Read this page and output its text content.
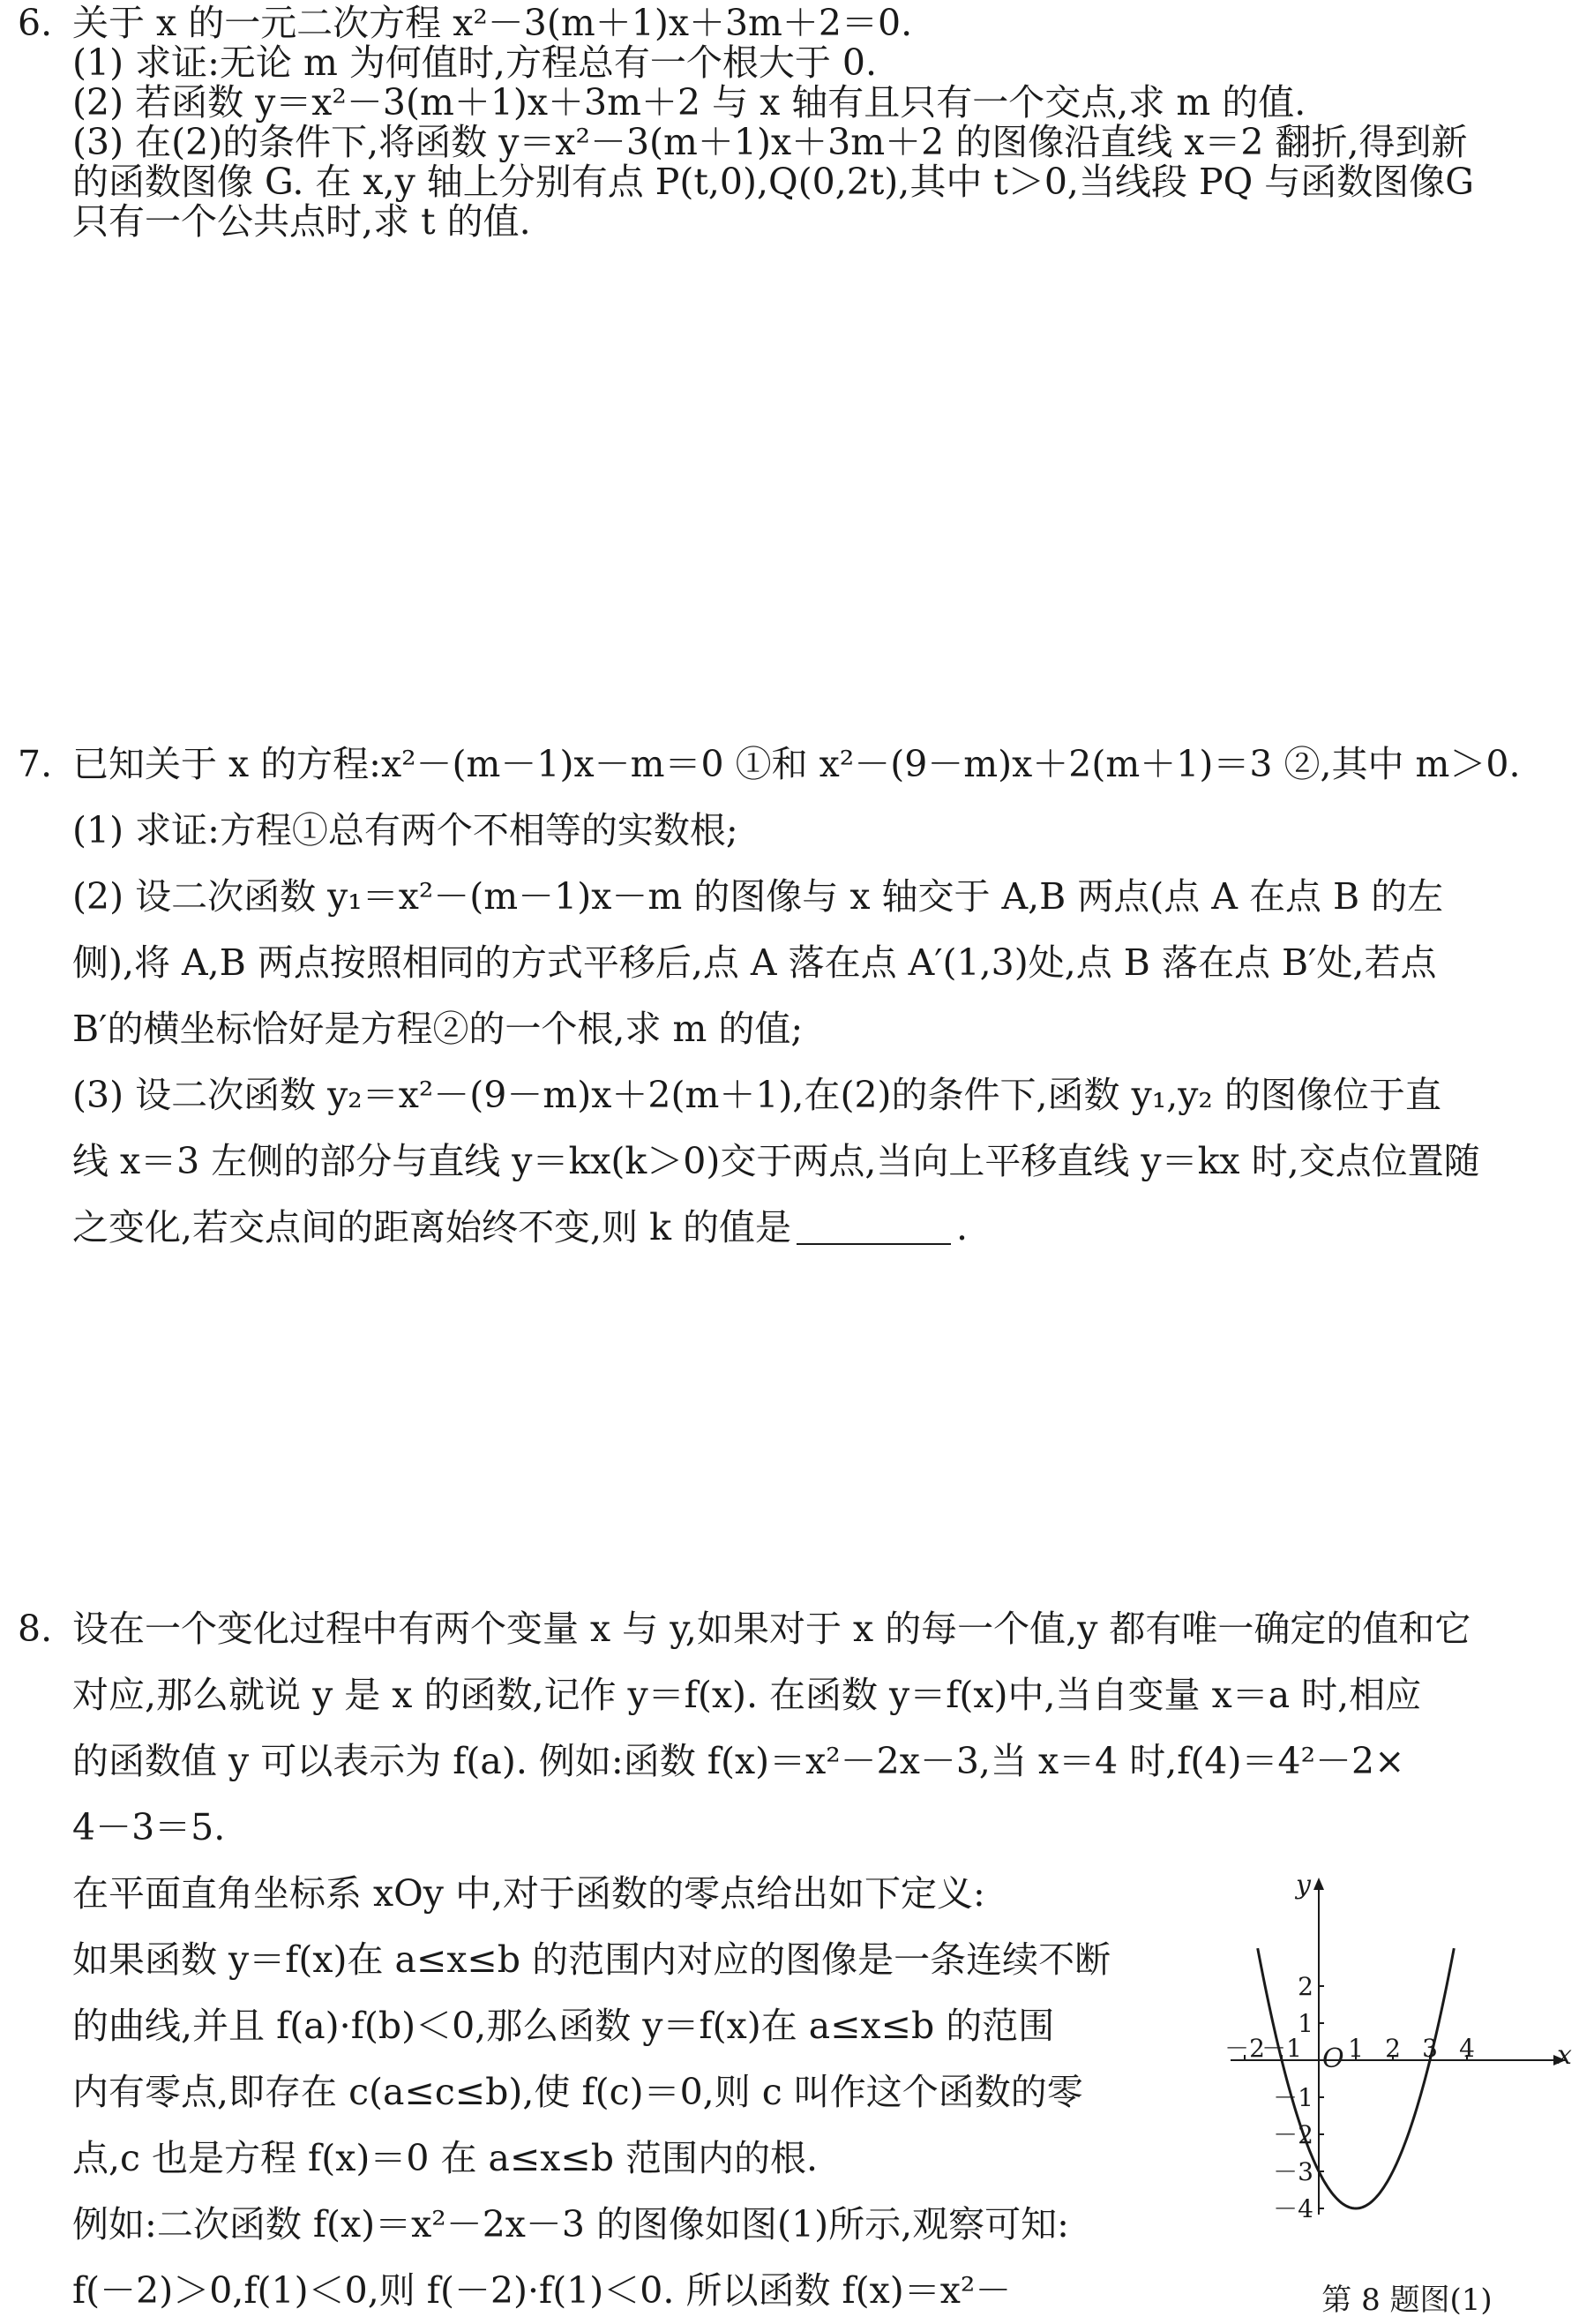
6. 关于 x 的一元二次方程 x²－3(m＋1)x＋3m＋2＝0.
(1) 求证:无论 m 为何值时,方程总有一个根大于 0.
(2) 若函数 y＝x²－3(m＋1)x＋3m＋2 与 x 轴有且只有一个交点,求 m 的值.
(3) 在(2)的条件下,将函数 y＝x²－3(m＋1)x＋3m＋2 的图像沿直线 x＝2 翻折,得到新
的函数图像 G. 在 x,y 轴上分别有点 P(t,0),Q(0,2t),其中 t＞0,当线段 PQ 与函数图像G
只有一个公共点时,求 t 的值.
7. 已知关于 x 的方程:x²－(m－1)x－m＝0 ①和 x²－(9－m)x＋2(m＋1)＝3 ②,其中 m＞0.
(1) 求证:方程①总有两个不相等的实数根;
(2) 设二次函数 y₁＝x²－(m－1)x－m 的图像与 x 轴交于 A,B 两点(点 A 在点 B 的左
侧),将 A,B 两点按照相同的方式平移后,点 A 落在点 A′(1,3)处,点 B 落在点 B′处,若点
B′的横坐标恰好是方程②的一个根,求 m 的值;
(3) 设二次函数 y₂＝x²－(9－m)x＋2(m＋1),在(2)的条件下,函数 y₁,y₂ 的图像位于直
线 x＝3 左侧的部分与直线 y＝kx(k＞0)交于两点,当向上平移直线 y＝kx 时,交点位置随
之变化,若交点间的距离始终不变,则 k 的值是	.
8. 设在一个变化过程中有两个变量 x 与 y,如果对于 x 的每一个值,y 都有唯一确定的值和它
对应,那么就说 y 是 x 的函数,记作 y＝f(x). 在函数 y＝f(x)中,当自变量 x＝a 时,相应
的函数值 y 可以表示为 f(a). 例如:函数 f(x)＝x²－2x－3,当 x＝4 时,f(4)＝4²－2×
4－3＝5.
在平面直角坐标系 xOy 中,对于函数的零点给出如下定义:
如果函数 y＝f(x)在 a≤x≤b 的范围内对应的图像是一条连续不断
的曲线,并且 f(a)·f(b)＜0,那么函数 y＝f(x)在 a≤x≤b 的范围
内有零点,即存在 c(a≤c≤b),使 f(c)＝0,则 c 叫作这个函数的零
点,c 也是方程 f(x)＝0 在 a≤x≤b 范围内的根.
例如:二次函数 f(x)＝x²－2x－3 的图像如图(1)所示,观察可知:
f(－2)＞0,f(1)＜0,则 f(－2)·f(1)＜0. 所以函数 f(x)＝x²－
x
y
O
－2
－1 1 2 3 4
2
1
－1
－2
－3
－4
第 8 题图(1)
